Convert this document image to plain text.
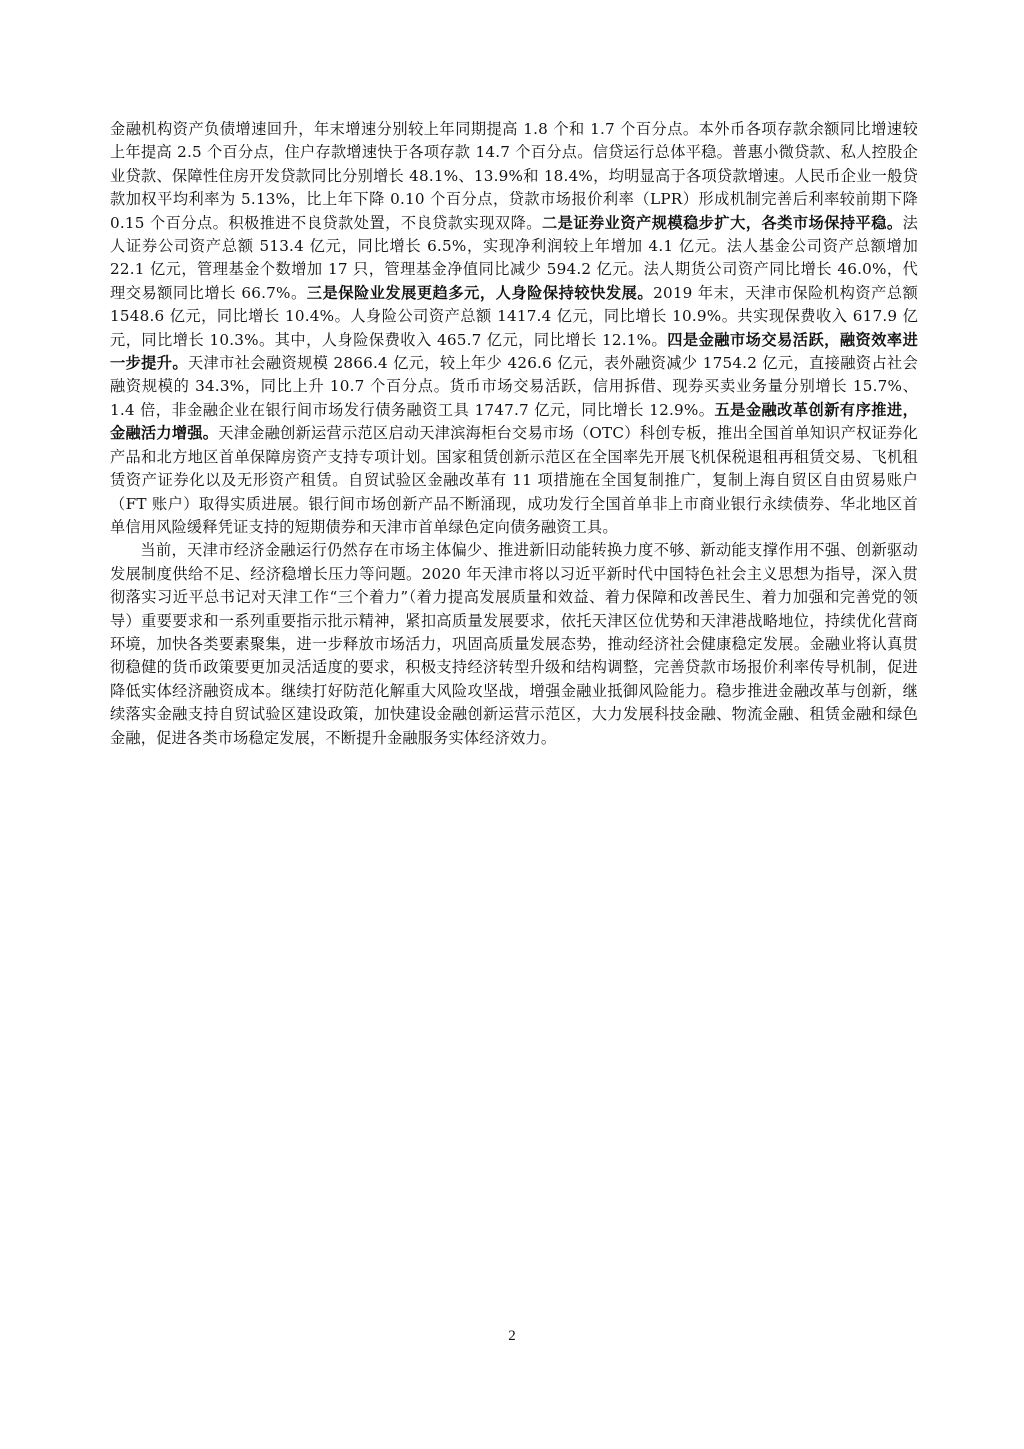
金融机构资产负债增速回升，年末增速分别较上年同期提高 1.8 个和 1.7 个百分点。本外币各项存款余额同比增速较上年提高 2.5 个百分点，住户存款增速快于各项存款 14.7 个百分点。信贷运行总体平稳。普惠小微贷款、私人控股企业贷款、保障性住房开发贷款同比分别增长 48.1%、13.9%和 18.4%，均明显高于各项贷款增速。人民币企业一般贷款加权平均利率为 5.13%，比上年下降 0.10 个百分点，贷款市场报价利率（LPR）形成机制完善后利率较前期下降 0.15 个百分点。积极推进不良贷款处置，不良贷款实现双降。二是证券业资产规模稳步扩大，各类市场保持平稳。法人证券公司资产总额 513.4 亿元，同比增长 6.5%，实现净利润较上年增加 4.1 亿元。法人基金公司资产总额增加 22.1 亿元，管理基金个数增加 17 只，管理基金净值同比减少 594.2 亿元。法人期货公司资产同比增长 46.0%，代理交易额同比增长 66.7%。三是保险业发展更趋多元，人身险保持较快发展。2019 年末，天津市保险机构资产总额 1548.6 亿元，同比增长 10.4%。人身险公司资产总额 1417.4 亿元，同比增长 10.9%。共实现保费收入 617.9 亿元，同比增长 10.3%。其中，人身险保费收入 465.7 亿元，同比增长 12.1%。四是金融市场交易活跃，融资效率进一步提升。天津市社会融资规模 2866.4 亿元，较上年少 426.6 亿元，表外融资减少 1754.2 亿元，直接融资占社会融资规模的 34.3%，同比上升 10.7 个百分点。货币市场交易活跃，信用拆借、现券买卖业务量分别增长 15.7%、1.4 倍，非金融企业在银行间市场发行债务融资工具 1747.7 亿元，同比增长 12.9%。五是金融改革创新有序推进，金融活力增强。天津金融创新运营示范区启动天津滨海柜台交易市场（OTC）科创专板，推出全国首单知识产权证券化产品和北方地区首单保障房资产支持专项计划。国家租赁创新示范区在全国率先开展飞机保税退租再租赁交易、飞机租赁资产证券化以及无形资产租赁。自贸试验区金融改革有 11 项措施在全国复制推广，复制上海自贸区自由贸易账户（FT 账户）取得实质进展。银行间市场创新产品不断涌现，成功发行全国首单非上市商业银行永续债券、华北地区首单信用风险缓释凭证支持的短期债券和天津市首单绿色定向债务融资工具。

当前，天津市经济金融运行仍然存在市场主体偏少、推进新旧动能转换力度不够、新动能支撑作用不强、创新驱动发展制度供给不足、经济稳增长压力等问题。2020 年天津市将以习近平新时代中国特色社会主义思想为指导，深入贯彻落实习近平总书记对天津工作“三个着力”（着力提高发展质量和效益、着力保障和改善民生、着力加强和完善党的领导）重要要求和一系列重要指示批示精神，紧扣高质量发展要求，依托天津区位优势和天津港战略地位，持续优化营商环境，加快各类要素聚集，进一步释放市场活力，巩固高质量发展态势，推动经济社会健康稳定发展。金融业将认真贯彻稳健的货币政策要更加灵活适度的要求，积极支持经济转型升级和结构调整，完善贷款市场报价利率传导机制，促进降低实体经济融资成本。继续打好防范化解重大风险攻坚战，增强金融业抵御风险能力。稳步推进金融改革与创新，继续落实金融支持自贸试验区建设政策，加快建设金融创新运营示范区，大力发展科技金融、物流金融、租赁金融和绿色金融，促进各类市场稳定发展，不断提升金融服务实体经济效力。

2
